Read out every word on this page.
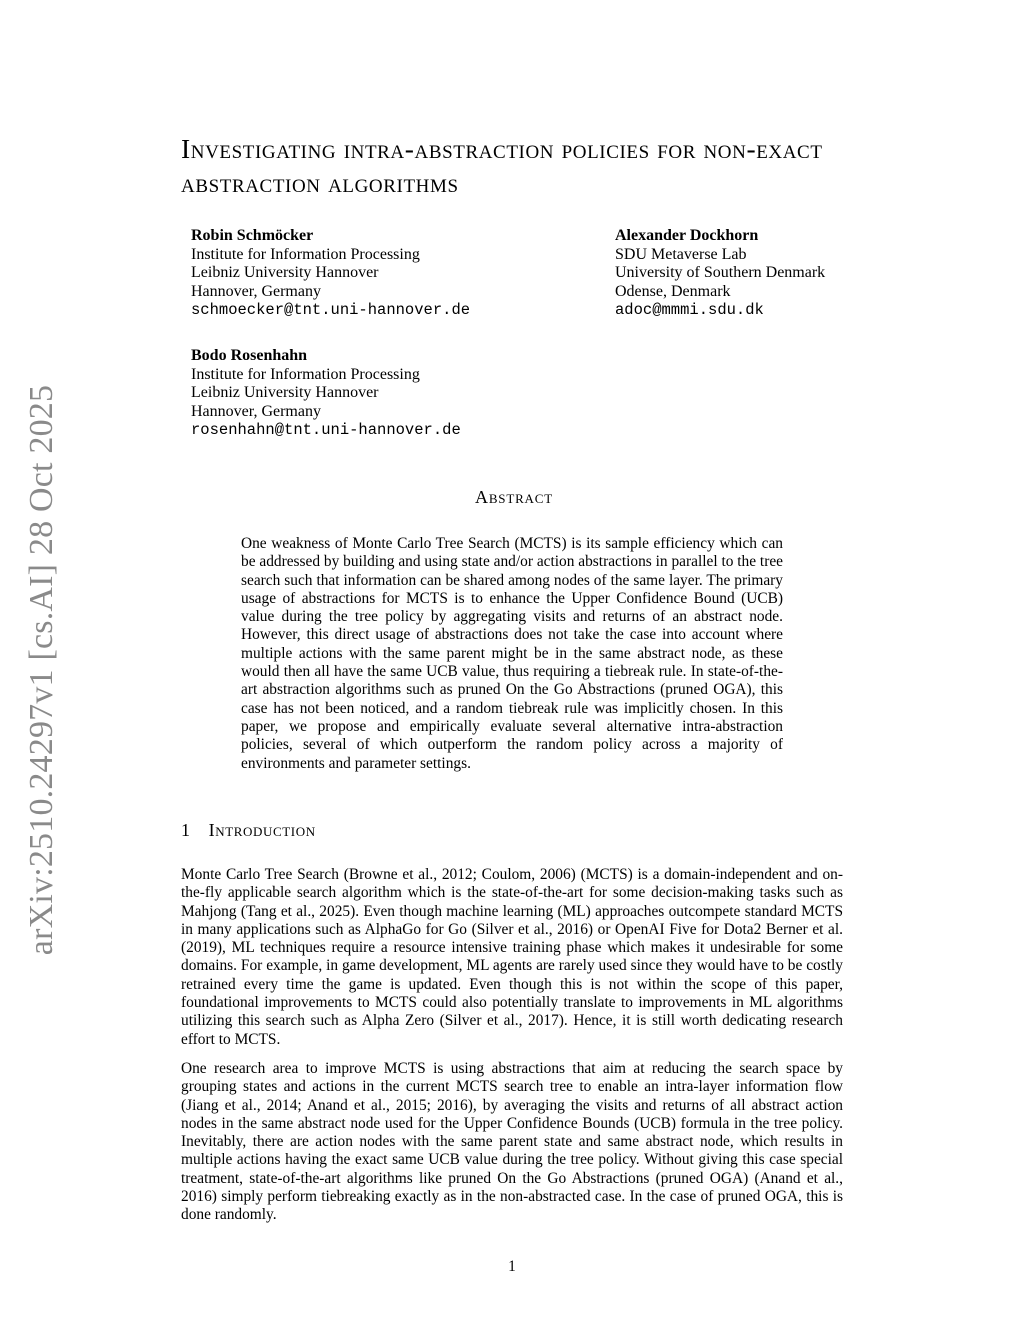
arXiv:2510.24297v1 [cs.AI] 28 Oct 2025
Investigating intra-abstraction policies for non-exact abstraction algorithms
Robin Schmöcker
Institute for Information Processing
Leibniz University Hannover
Hannover, Germany
schmoecker@tnt.uni-hannover.de
Alexander Dockhorn
SDU Metaverse Lab
University of Southern Denmark
Odense, Denmark
adoc@mmmi.sdu.dk
Bodo Rosenhahn
Institute for Information Processing
Leibniz University Hannover
Hannover, Germany
rosenhahn@tnt.uni-hannover.de
Abstract

One weakness of Monte Carlo Tree Search (MCTS) is its sample efficiency which can be addressed by building and using state and/or action abstractions in parallel to the tree search such that information can be shared among nodes of the same layer. The primary usage of abstractions for MCTS is to enhance the Upper Confidence Bound (UCB) value during the tree policy by aggregating visits and returns of an abstract node. However, this direct usage of abstractions does not take the case into account where multiple actions with the same parent might be in the same abstract node, as these would then all have the same UCB value, thus requiring a tiebreak rule. In state-of-the-art abstraction algorithms such as pruned On the Go Abstractions (pruned OGA), this case has not been noticed, and a random tiebreak rule was implicitly chosen. In this paper, we propose and empirically evaluate several alternative intra-abstraction policies, several of which outperform the random policy across a majority of environments and parameter settings.

1 Introduction

Monte Carlo Tree Search (Browne et al., 2012; Coulom, 2006) (MCTS) is a domain-independent and on-the-fly applicable search algorithm which is the state-of-the-art for some decision-making tasks such as Mahjong (Tang et al., 2025). Even though machine learning (ML) approaches outcompete standard MCTS in many applications such as AlphaGo for Go (Silver et al., 2016) or OpenAI Five for Dota2 Berner et al. (2019), ML techniques require a resource intensive training phase which makes it undesirable for some domains. For example, in game development, ML agents are rarely used since they would have to be costly retrained every time the game is updated. Even though this is not within the scope of this paper, foundational improvements to MCTS could also potentially translate to improvements in ML algorithms utilizing this search such as Alpha Zero (Silver et al., 2017). Hence, it is still worth dedicating research effort to MCTS.

One research area to improve MCTS is using abstractions that aim at reducing the search space by grouping states and actions in the current MCTS search tree to enable an intra-layer information flow (Jiang et al., 2014; Anand et al., 2015; 2016), by averaging the visits and returns of all abstract action nodes in the same abstract node used for the Upper Confidence Bounds (UCB) formula in the tree policy. Inevitably, there are action nodes with the same parent state and same abstract node, which results in multiple actions having the exact same UCB value during the tree policy. Without giving this case special treatment, state-of-the-art algorithms like pruned On the Go Abstractions (pruned OGA) (Anand et al., 2016) simply perform tiebreaking exactly as in the non-abstracted case. In the case of pruned OGA, this is done randomly.

1
